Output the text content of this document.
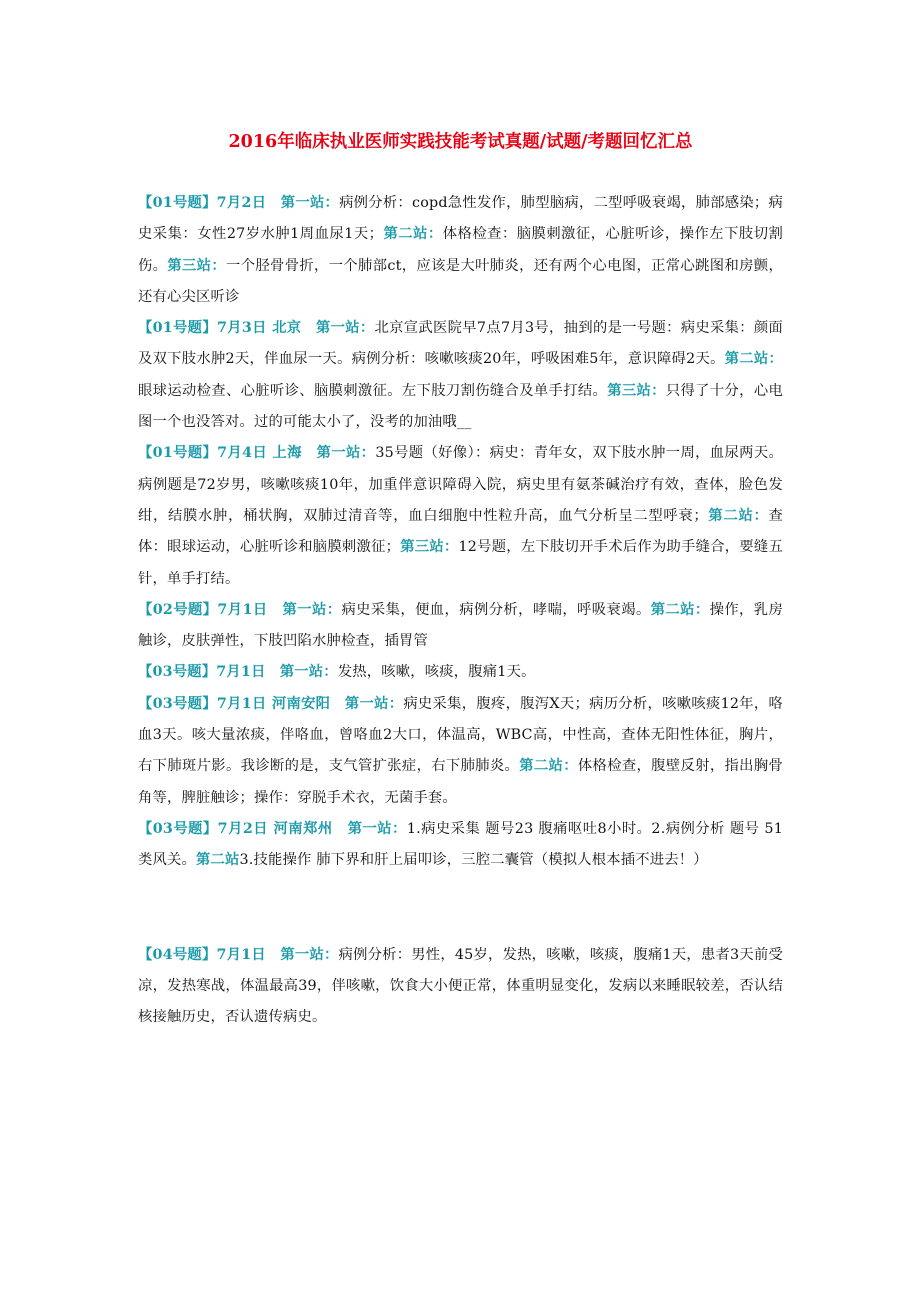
2016年临床执业医师实践技能考试真题/试题/考题回忆汇总

【01号题】7月2日 第一站：病例分析：copd急性发作，肺型脑病，二型呼吸衰竭，肺部感染；病史采集：女性27岁水肿1周血尿1天；第二站：体格检查：脑膜刺激征，心脏听诊，操作左下肢切割伤。第三站：一个胫骨骨折，一个肺部ct，应该是大叶肺炎，还有两个心电图，正常心跳图和房颤，还有心尖区听诊

【01号题】7月3日 北京 第一站：北京宣武医院早7点7月3号，抽到的是一号题：病史采集：颜面及双下肢水肿2天，伴血尿一天。病例分析：咳嗽咳痰20年，呼吸困难5年，意识障碍2天。第二站：眼球运动检查、心脏听诊、脑膜刺激征。左下肢刀割伤缝合及单手打结。第三站：只得了十分，心电图一个也没答对。过的可能太小了，没考的加油哦__

【01号题】7月4日 上海 第一站：35号题（好像）：病史：青年女，双下肢水肿一周，血尿两天。病例题是72岁男，咳嗽咳痰10年，加重伴意识障碍入院，病史里有氨茶碱治疗有效，查体，脸色发绀，结膜水肿，桶状胸，双肺过清音等，血白细胞中性粒升高，血气分析呈二型呼衰；第二站：查体：眼球运动，心脏听诊和脑膜刺激征；第三站：12号题，左下肢切开手术后作为助手缝合，要缝五针，单手打结。

【02号题】7月1日 第一站：病史采集，便血，病例分析，哮喘，呼吸衰竭。第二站：操作，乳房触诊，皮肤弹性，下肢凹陷水肿检查，插胃管

【03号题】7月1日 第一站：发热，咳嗽，咳痰，腹痛1天。

【03号题】7月1日 河南安阳 第一站：病史采集，腹疼，腹泻X天；病历分析，咳嗽咳痰12年，咯血3天。咳大量浓痰，伴咯血，曾咯血2大口，体温高，WBC高，中性高，查体无阳性体征，胸片，右下肺斑片影。我诊断的是，支气管扩张症，右下肺肺炎。第二站：体格检查，腹壁反射，指出胸骨角等，脾脏触诊；操作：穿脱手术衣，无菌手套。

【03号题】7月2日 河南郑州 第一站：1.病史采集 题号23 腹痛呕吐8小时。2.病例分析 题号 51 类风关。第二站3.技能操作 肺下界和肝上届叩诊，三腔二囊管（模拟人根本插不进去！）

【04号题】7月1日 第一站：病例分析：男性，45岁，发热，咳嗽，咳痰，腹痛1天，患者3天前受凉，发热寒战，体温最高39，伴咳嗽，饮食大小便正常，体重明显变化，发病以来睡眠较差，否认结核接触历史，否认遗传病史。
